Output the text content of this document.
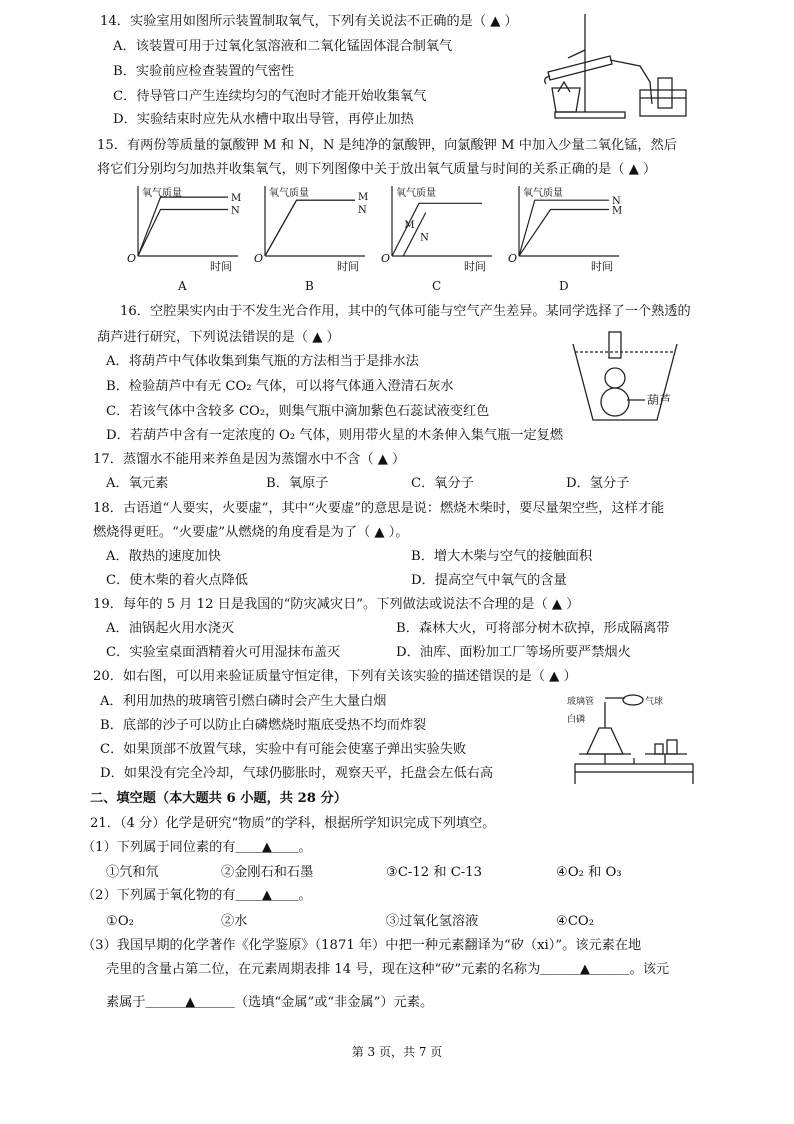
14．实验室用如图所示装置制取氧气，下列有关说法不正确的是（ ▲ ）
A．该装置可用于过氧化氢溶液和二氧化锰固体混合制氧气
B．实验前应检查装置的气密性
C．待导管口产生连续均匀的气泡时才能开始收集氧气
D．实验结束时应先从水槽中取出导管，再停止加热
15．有两份等质量的氯酸钾 M 和 N，N 是纯净的氯酸钾，向氯酸钾 M 中加入少量二氧化锰，然后
将它们分别均匀加热并收集氧气，则下列图像中关于放出氧气质量与时间的关系正确的是（ ▲ ）
氧气质量
时间
O
M
N
A
氧气质量
时间
O
M
N
B
氧气质量
时间
O
M
N
C
氧气质量
时间
O
N
M
D
16．空腔果实内由于不发生光合作用，其中的气体可能与空气产生差异。某同学选择了一个熟透的
葫芦进行研究，下列说法错误的是（ ▲ ）
A．将葫芦中气体收集到集气瓶的方法相当于是排水法
B．检验葫芦中有无 CO₂ 气体，可以将气体通入澄清石灰水
C．若该气体中含较多 CO₂，则集气瓶中滴加紫色石蕊试液变红色
D．若葫芦中含有一定浓度的 O₂ 气体，则用带火星的木条伸入集气瓶一定复燃
葫芦
17．蒸馏水不能用来养鱼是因为蒸馏水中不含（ ▲ ）
A．氧元素	B．氧原子	C．氧分子	D．氢分子
18．古语道“人要实，火要虚”，其中“火要虚”的意思是说：燃烧木柴时，要尽量架空些，这样才能
燃烧得更旺。“火要虚”从燃烧的角度看是为了（ ▲ ）。
A．散热的速度加快	B．增大木柴与空气的接触面积
C．使木柴的着火点降低	D．提高空气中氧气的含量
19．每年的 5 月 12 日是我国的“防灾减灾日”。下列做法或说法不合理的是（ ▲ ）
A．油锅起火用水浇灭	B．森林大火，可将部分树木砍掉，形成隔离带
C．实验室桌面酒精着火可用湿抹布盖灭	D．油库、面粉加工厂等场所要严禁烟火
20．如右图，可以用来验证质量守恒定律，下列有关该实验的描述错误的是（ ▲ ）
A．利用加热的玻璃管引燃白磷时会产生大量白烟
B．底部的沙子可以防止白磷燃烧时瓶底受热不均而炸裂
C．如果顶部不放置气球，实验中有可能会使塞子弹出实验失败
D．如果没有完全冷却，气球仍膨胀时，观察天平，托盘会左低右高
玻璃管	气球
白磷
二、填空题（本大题共 6 小题，共 28 分）
21．（4 分）化学是研究“物质”的学科，根据所学知识完成下列填空。
（1）下列属于同位素的有＿＿▲＿＿。
①氕和氘	②金刚石和石墨	③C-12 和 C-13	④O₂ 和 O₃
（2）下列属于氧化物的有＿＿▲＿＿。
①O₂	②水	③过氧化氢溶液	④CO₂
（3）我国早期的化学著作《化学鉴原》（1871 年）中把一种元素翻译为“矽（xi）”。该元素在地
壳里的含量占第二位，在元素周期表排 14 号，现在这种“矽”元素的名称为＿＿＿▲＿＿＿。该元
素属于＿＿＿▲＿＿＿（选填“金属”或“非金属”）元素。
第 3 页，共 7 页
